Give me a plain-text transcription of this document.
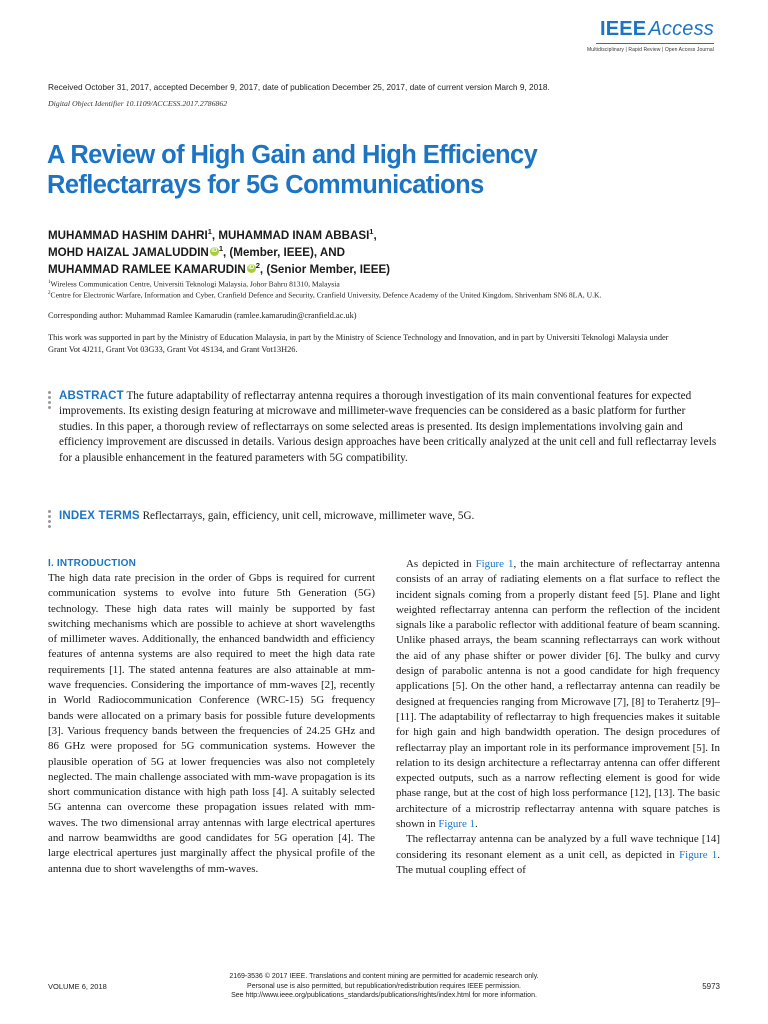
IEEE Access
Multidisciplinary | Rapid Review | Open Access Journal
Received October 31, 2017, accepted December 9, 2017, date of publication December 25, 2017, date of current version March 9, 2018.
Digital Object Identifier 10.1109/ACCESS.2017.2786862
A Review of High Gain and High Efficiency Reflectarrays for 5G Communications
MUHAMMAD HASHIM DAHRI$^1$, MUHAMMAD INAM ABBASI$^1$,
MOHD HAIZAL JAMALUDDIN iD $^1$, (Member, IEEE), AND
MUHAMMAD RAMLEE KAMARUDIN iD $^2$, (Senior Member, IEEE)
$^1$Wireless Communication Centre, Universiti Teknologi Malaysia, Johor Bahru 81310, Malaysia
$^2$Centre for Electronic Warfare, Information and Cyber, Cranfield Defence and Security, Cranfield University, Defence Academy of the United Kingdom, Shrivenham SN6 8LA, U.K.
Corresponding author: Muhammad Ramlee Kamarudin (ramlee.kamarudin@cranfield.ac.uk)
This work was supported in part by the Ministry of Education Malaysia, in part by the Ministry of Science Technology and Innovation, and in part by Universiti Teknologi Malaysia under Grant Vot 4J211, Grant Vot 03G33, Grant Vot 4S134, and Grant Vot13H26.
ABSTRACT The future adaptability of reflectarray antenna requires a thorough investigation of its main conventional features for expected improvements. Its existing design featuring at microwave and millimeter-wave frequencies can be considered as a basic platform for further studies. In this paper, a thorough review of reflectarrays on some selected areas is presented. Its design implementations involving gain and efficiency improvement are discussed in details. Various design approaches have been critically analyzed at the unit cell and full reflectarray levels for a plausible enhancement in the featured parameters with 5G compatibility.
INDEX TERMS Reflectarrays, gain, efficiency, unit cell, microwave, millimeter wave, 5G.
I. INTRODUCTION

The high data rate precision in the order of Gbps is required for current communication systems to evolve into future 5th Generation (5G) technology. These high data rates will mainly be supported by fast switching mechanisms which are possible to achieve at short wavelengths of millimeter waves. Additionally, the enhanced bandwidth and efficiency features of antenna systems are also required to meet the high data rate requirements [1]. The stated antenna features are also attainable at mm-wave frequencies. Considering the importance of mm-waves [2], recently in World Radiocommunication Conference (WRC-15) 5G frequency bands were allocated on a primary basis for possible future developments [3]. Various frequency bands between the frequencies of 24.25 GHz and 86 GHz were proposed for 5G communication systems. However the plausible operation of 5G at lower frequencies was also not completely neglected. The main challenge associated with mm-wave propagation is its short communication distance with high path loss [4]. A suitably selected 5G antenna can overcome these propagation issues related with mm-waves. The two dimensional array antennas with large electrical apertures and narrow beamwidths are good candidates for 5G operation [4]. The large electrical apertures just marginally affect the physical profile of the antenna due to short wavelengths of mm-waves.

As depicted in Figure 1, the main architecture of reflectarray antenna consists of an array of radiating elements on a flat surface to reflect the incident signals coming from a properly distant feed [5]. Plane and light weighted reflectarray antenna can perform the reflection of the incident signals like a parabolic reflector with additional feature of beam scanning. Unlike phased arrays, the beam scanning reflectarrays can work without the aid of any phase shifter or power divider [6]. The bulky and curvy design of parabolic antenna is not a good candidate for high frequency applications [5]. On the other hand, a reflectarray antenna can readily be designed at frequencies ranging from Microwave [7], [8] to Terahertz [9]–[11]. The adaptability of reflectarray to high frequencies makes it suitable for high gain and high bandwidth operation. The design procedures of reflectarray play an important role in its performance improvement [5]. In relation to its design architecture a reflectarray antenna can offer different expected outputs, such as a narrow reflecting element is good for wide phase range, but at the cost of high loss performance [12], [13]. The basic architecture of a microstrip reflectarray antenna with square patches is shown in Figure 1.

The reflectarray antenna can be analyzed by a full wave technique [14] considering its resonant element as a unit cell, as depicted in Figure 1. The mutual coupling effect of

VOLUME 6, 2018
2169-3536 © 2017 IEEE. Translations and content mining are permitted for academic research only.
Personal use is also permitted, but republication/redistribution requires IEEE permission.
See http://www.ieee.org/publications_standards/publications/rights/index.html for more information.
5973
